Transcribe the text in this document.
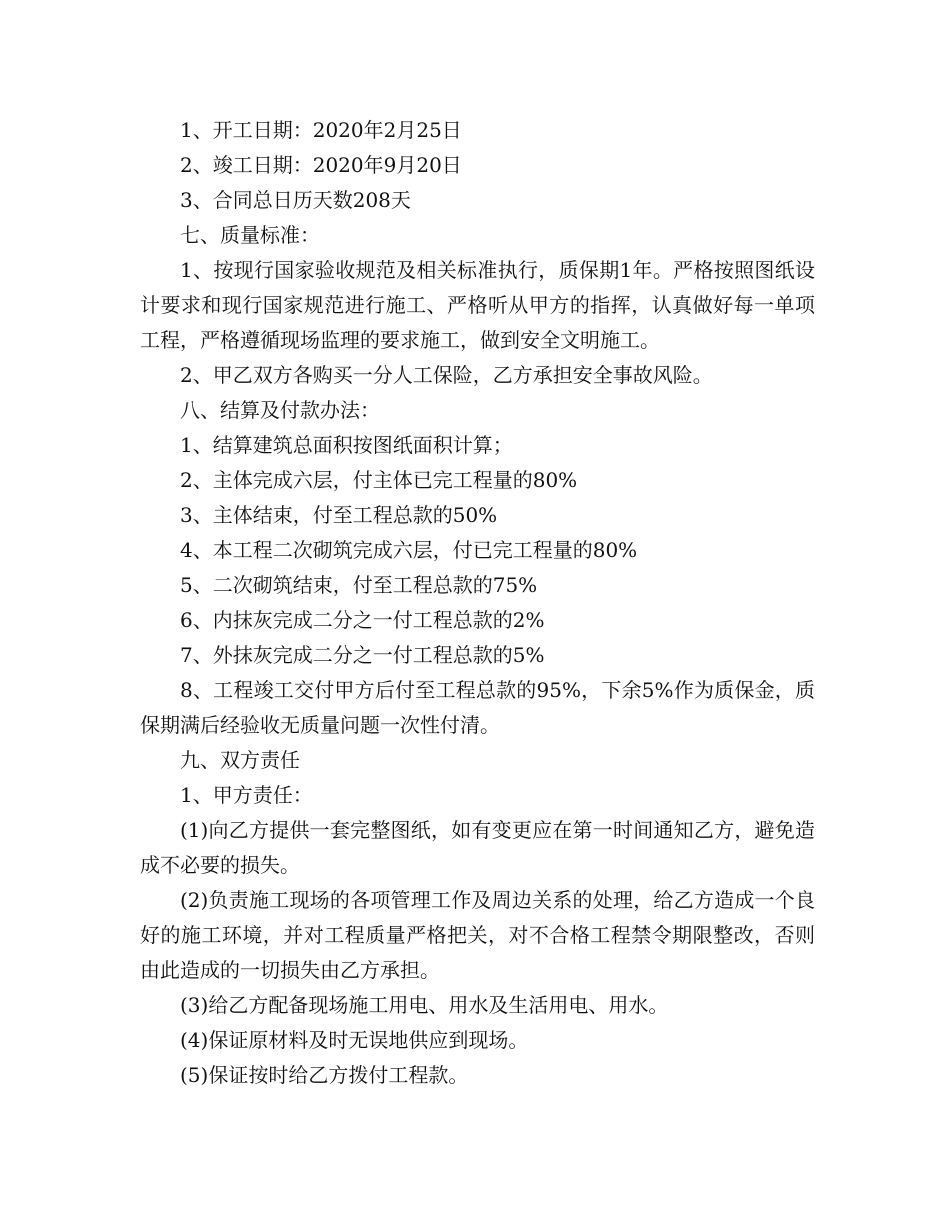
1、开工日期：2020年2月25日

2、竣工日期：2020年9月20日

3、合同总日历天数208天

七、质量标准：

1、按现行国家验收规范及相关标准执行，质保期1年。严格按照图纸设计要求和现行国家规范进行施工、严格听从甲方的指挥，认真做好每一单项工程，严格遵循现场监理的要求施工，做到安全文明施工。

2、甲乙双方各购买一分人工保险，乙方承担安全事故风险。

八、结算及付款办法：

1、结算建筑总面积按图纸面积计算；

2、主体完成六层，付主体已完工程量的80%

3、主体结束，付至工程总款的50%

4、本工程二次砌筑完成六层，付已完工程量的80%

5、二次砌筑结束，付至工程总款的75%

6、内抹灰完成二分之一付工程总款的2%

7、外抹灰完成二分之一付工程总款的5%

8、工程竣工交付甲方后付至工程总款的95%，下余5%作为质保金，质保期满后经验收无质量问题一次性付清。

九、双方责任

1、甲方责任：

(1)向乙方提供一套完整图纸，如有变更应在第一时间通知乙方，避免造成不必要的损失。

(2)负责施工现场的各项管理工作及周边关系的处理，给乙方造成一个良好的施工环境，并对工程质量严格把关，对不合格工程禁令期限整改，否则由此造成的一切损失由乙方承担。

(3)给乙方配备现场施工用电、用水及生活用电、用水。

(4)保证原材料及时无误地供应到现场。

(5)保证按时给乙方拨付工程款。
